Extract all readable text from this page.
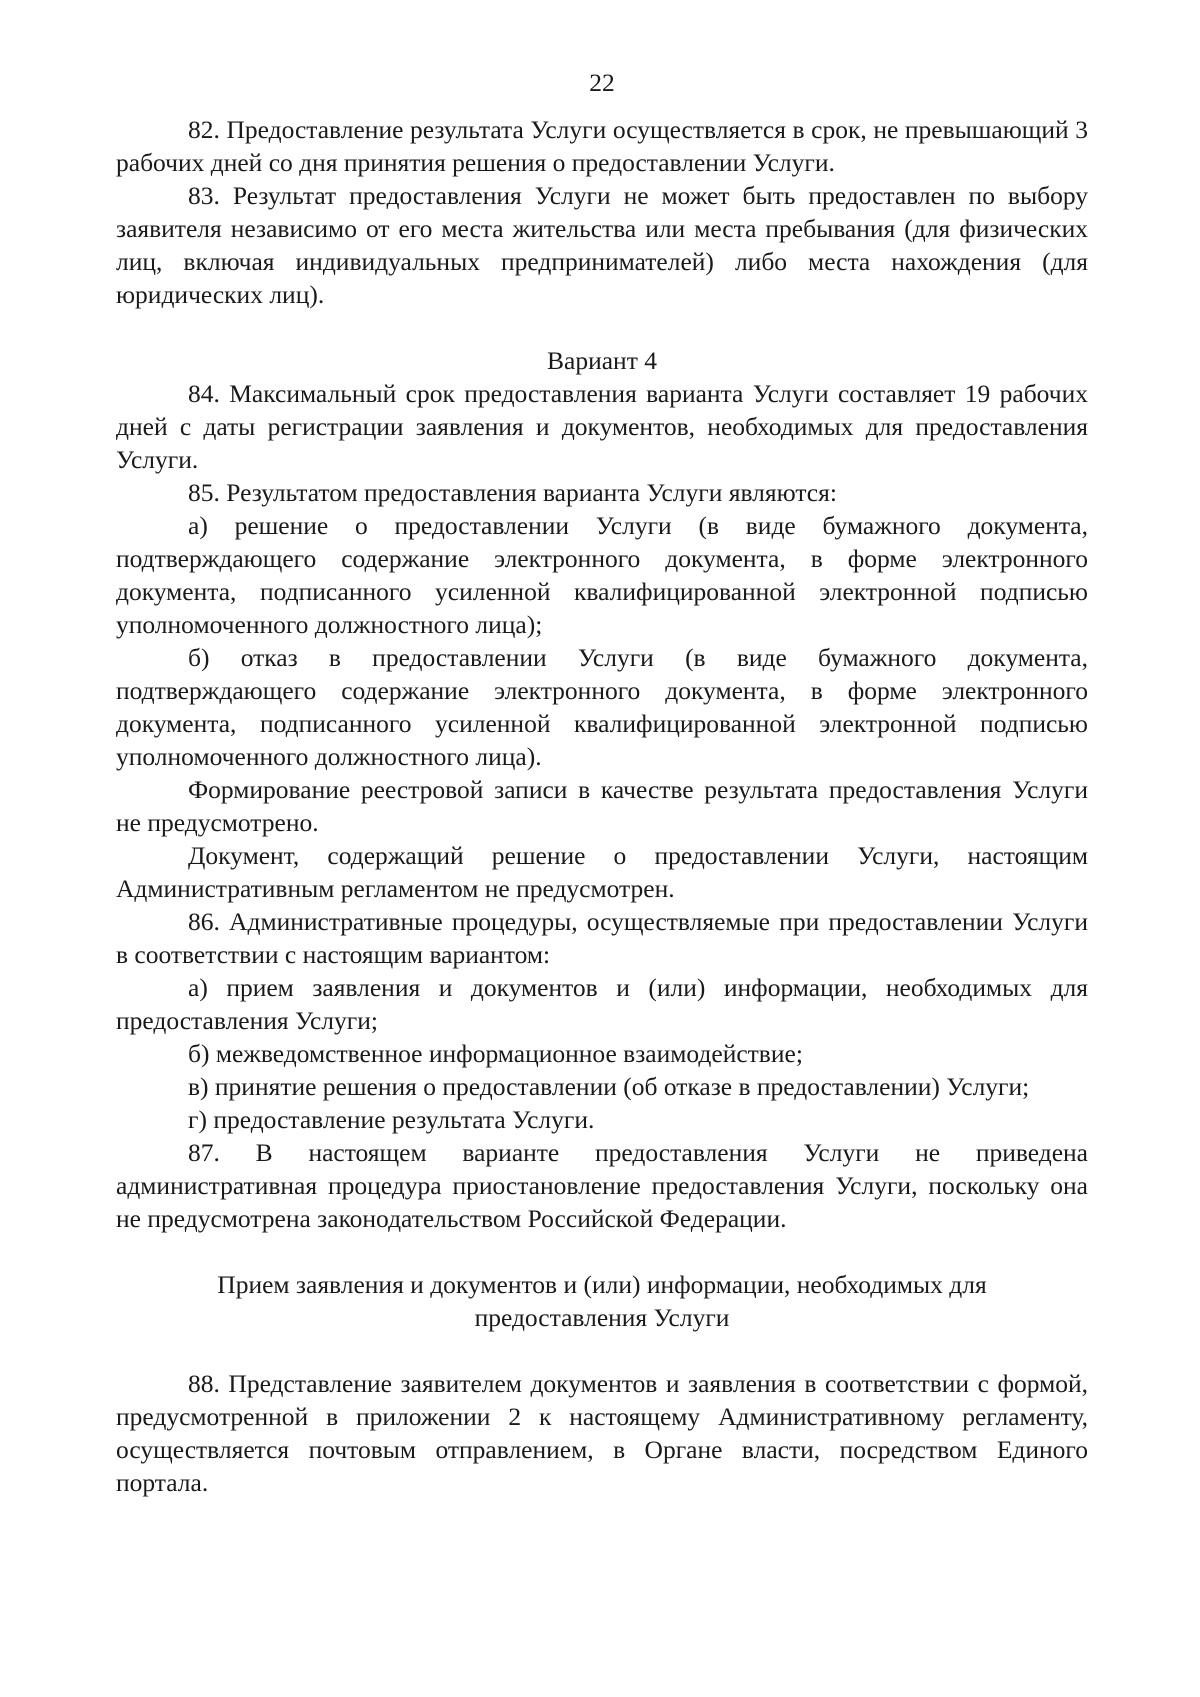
22

82. Предоставление результата Услуги осуществляется в срок, не превышающий 3 рабочих дней со дня принятия решения о предоставлении Услуги.

83. Результат предоставления Услуги не может быть предоставлен по выбору заявителя независимо от его места жительства или места пребывания (для физических лиц, включая индивидуальных предпринимателей) либо места нахождения (для юридических лиц).

Вариант 4

84. Максимальный срок предоставления варианта Услуги составляет 19 рабочих дней с даты регистрации заявления и документов, необходимых для предоставления Услуги.

85. Результатом предоставления варианта Услуги являются:

а) решение о предоставлении Услуги (в виде бумажного документа, подтверждающего содержание электронного документа, в форме электронного документа, подписанного усиленной квалифицированной электронной подписью уполномоченного должностного лица);

б) отказ в предоставлении Услуги (в виде бумажного документа, подтверждающего содержание электронного документа, в форме электронного документа, подписанного усиленной квалифицированной электронной подписью уполномоченного должностного лица).

Формирование реестровой записи в качестве результата предоставления Услуги не предусмотрено.

Документ, содержащий решение о предоставлении Услуги, настоящим Административным регламентом не предусмотрен.

86. Административные процедуры, осуществляемые при предоставлении Услуги в соответствии с настоящим вариантом:

а) прием заявления и документов и (или) информации, необходимых для предоставления Услуги;

б) межведомственное информационное взаимодействие;

в) принятие решения о предоставлении (об отказе в предоставлении) Услуги;

г) предоставление результата Услуги.

87. В настоящем варианте предоставления Услуги не приведена административная процедура приостановление предоставления Услуги, поскольку она не предусмотрена законодательством Российской Федерации.

Прием заявления и документов и (или) информации, необходимых для предоставления Услуги

88. Представление заявителем документов и заявления в соответствии с формой, предусмотренной в приложении 2 к настоящему Административному регламенту, осуществляется почтовым отправлением, в Органе власти, посредством Единого портала.
